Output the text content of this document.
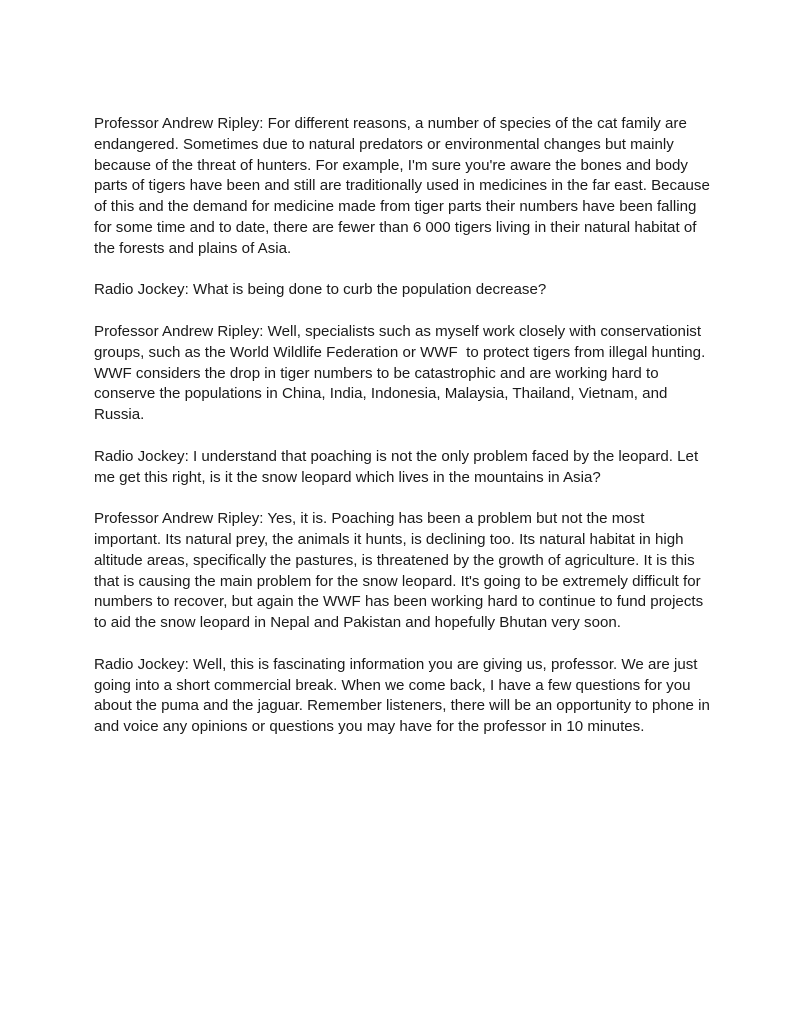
Professor Andrew Ripley: For different reasons, a number of species of the cat family are endangered. Sometimes due to natural predators or environmental changes but mainly because of the threat of hunters. For example, I'm sure you're aware the bones and body parts of tigers have been and still are traditionally used in medicines in the far east. Because of this and the demand for medicine made from tiger parts their numbers have been falling for some time and to date, there are fewer than 6 000 tigers living in their natural habitat of the forests and plains of Asia.

Radio Jockey: What is being done to curb the population decrease?

Professor Andrew Ripley: Well, specialists such as myself work closely with conservationist groups, such as the World Wildlife Federation or WWF  to protect tigers from illegal hunting. WWF considers the drop in tiger numbers to be catastrophic and are working hard to conserve the populations in China, India, Indonesia, Malaysia, Thailand, Vietnam, and Russia.

Radio Jockey: I understand that poaching is not the only problem faced by the leopard. Let me get this right, is it the snow leopard which lives in the mountains in Asia?

Professor Andrew Ripley: Yes, it is. Poaching has been a problem but not the most important. Its natural prey, the animals it hunts, is declining too. Its natural habitat in high altitude areas, specifically the pastures, is threatened by the growth of agriculture. It is this that is causing the main problem for the snow leopard. It's going to be extremely difficult for numbers to recover, but again the WWF has been working hard to continue to fund projects to aid the snow leopard in Nepal and Pakistan and hopefully Bhutan very soon.

Radio Jockey: Well, this is fascinating information you are giving us, professor. We are just going into a short commercial break. When we come back, I have a few questions for you about the puma and the jaguar. Remember listeners, there will be an opportunity to phone in and voice any opinions or questions you may have for the professor in 10 minutes.
